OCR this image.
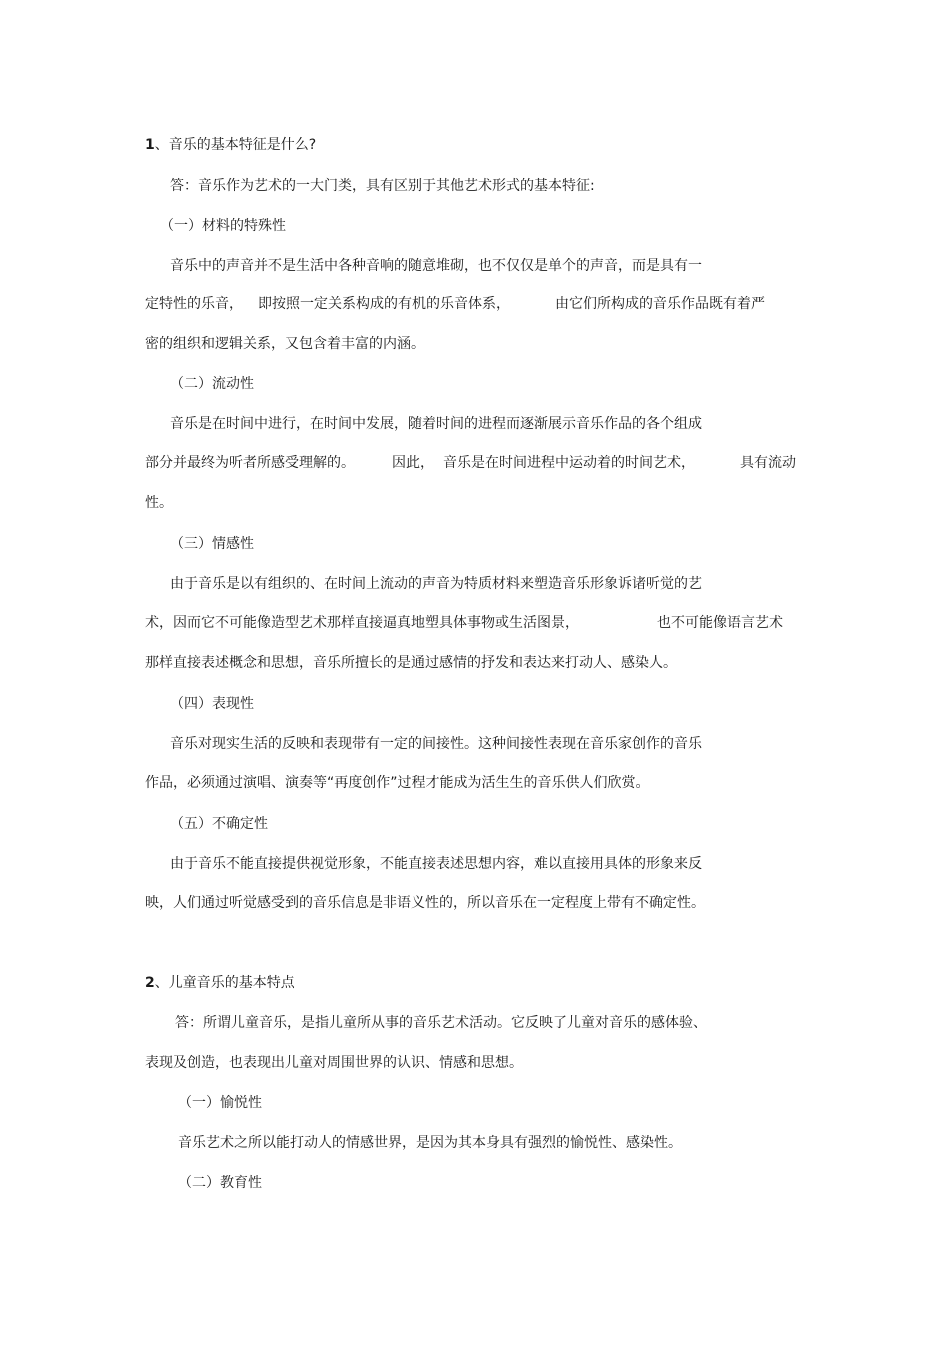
1、音乐的基本特征是什么?
答：音乐作为艺术的一大门类，具有区别于其他艺术形式的基本特征:
（一）材料的特殊性
音乐中的声音并不是生活中各种音响的随意堆砌，也不仅仅是单个的声音，而是具有一
定特性的乐音， 即按照一定关系构成的有机的乐音体系，	由它们所构成的音乐作品既有着严
密的组织和逻辑关系，又包含着丰富的内涵。
（二）流动性
音乐是在时间中进行，在时间中发展，随着时间的进程而逐渐展示音乐作品的各个组成
部分并最终为听者所感受理解的。	因此， 音乐是在时间进程中运动着的时间艺术，	具有流动
性。
（三）情感性
由于音乐是以有组织的、在时间上流动的声音为特质材料来塑造音乐形象诉诸听觉的艺
术，因而它不可能像造型艺术那样直接逼真地塑具体事物或生活图景，	也不可能像语言艺术
那样直接表述概念和思想，音乐所擅长的是通过感情的抒发和表达来打动人、感染人。
（四）表现性
音乐对现实生活的反映和表现带有一定的间接性。这种间接性表现在音乐家创作的音乐
作品，必须通过演唱、演奏等“再度创作”过程才能成为活生生的音乐供人们欣赏。
（五）不确定性
由于音乐不能直接提供视觉形象，不能直接表述思想内容，难以直接用具体的形象来反
映，人们通过听觉感受到的音乐信息是非语义性的，所以音乐在一定程度上带有不确定性。
2、儿童音乐的基本特点
答：所谓儿童音乐，是指儿童所从事的音乐艺术活动。它反映了儿童对音乐的感体验、
表现及创造，也表现出儿童对周围世界的认识、情感和思想。
（一）愉悦性
音乐艺术之所以能打动人的情感世界，是因为其本身具有强烈的愉悦性、感染性。
（二）教育性
